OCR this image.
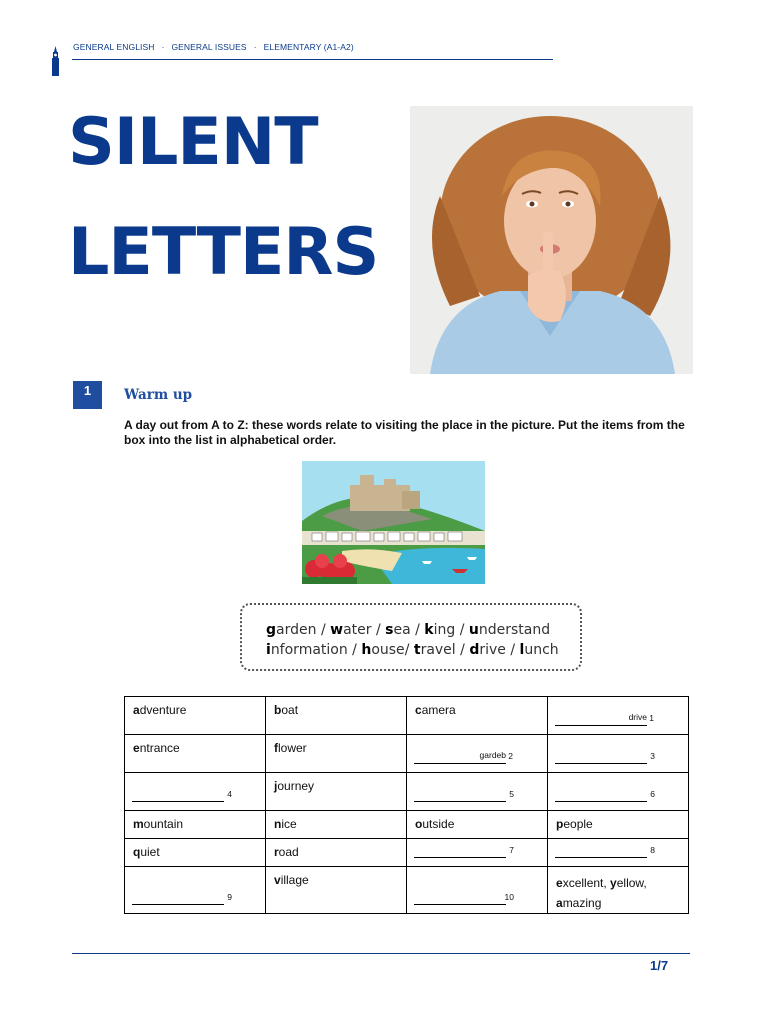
GENERAL ENGLISH · GENERAL ISSUES · ELEMENTARY (A1-A2)
SILENT
LETTERS
1	Warm up
A day out from A to Z: these words relate to visiting the place in the picture. Put the items from the box into the list in alphabetical order.
garden / water / sea / king / understand
information / house/ travel / drive / lunch
adventure	boat	camera	drive 1

entrance	flower	gardeb 2	3

4	journey	5	6

mountain	nice	outside	people

quiet	road	7	8

9	village	10	excellent, yellow,
amazing
1/7
